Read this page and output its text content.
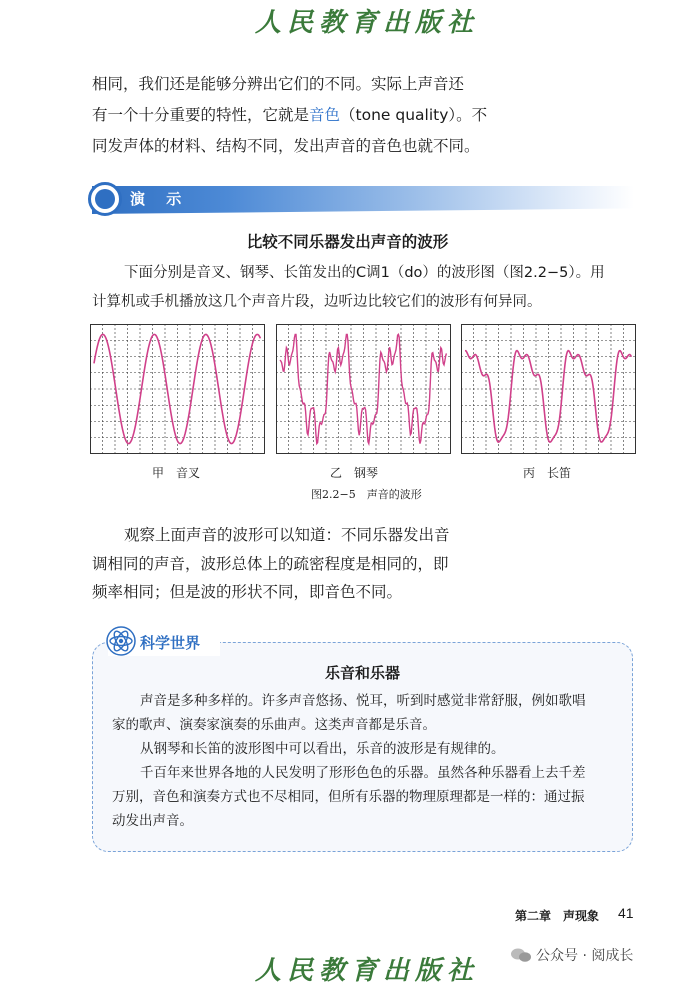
人民教育出版社
相同，我们还是能够分辨出它们的不同。实际上声音还
有一个十分重要的特性，它就是音色（tone quality）。不
同发声体的材料、结构不同，发出声音的音色也就不同。
演 示
比较不同乐器发出声音的波形
下面分别是音叉、钢琴、长笛发出的C调1（do）的波形图（图2.2−5）。用
计算机或手机播放这几个声音片段，边听边比较它们的波形有何异同。
甲　音叉	乙　钢琴	丙　长笛
图2.2−5　声音的波形
观察上面声音的波形可以知道：不同乐器发出音
调相同的声音，波形总体上的疏密程度是相同的，即
频率相同；但是波的形状不同，即音色不同。
科学世界
乐音和乐器
声音是多种多样的。许多声音悠扬、悦耳，听到时感觉非常舒服，例如歌唱
家的歌声、演奏家演奏的乐曲声。这类声音都是乐音。
从钢琴和长笛的波形图中可以看出，乐音的波形是有规律的。
千百年来世界各地的人民发明了形形色色的乐器。虽然各种乐器看上去千差
万别，音色和演奏方式也不尽相同，但所有乐器的物理原理都是一样的：通过振
动发出声音。
第二章　声现象 41
人民教育出版社	公众号 · 阅成长
